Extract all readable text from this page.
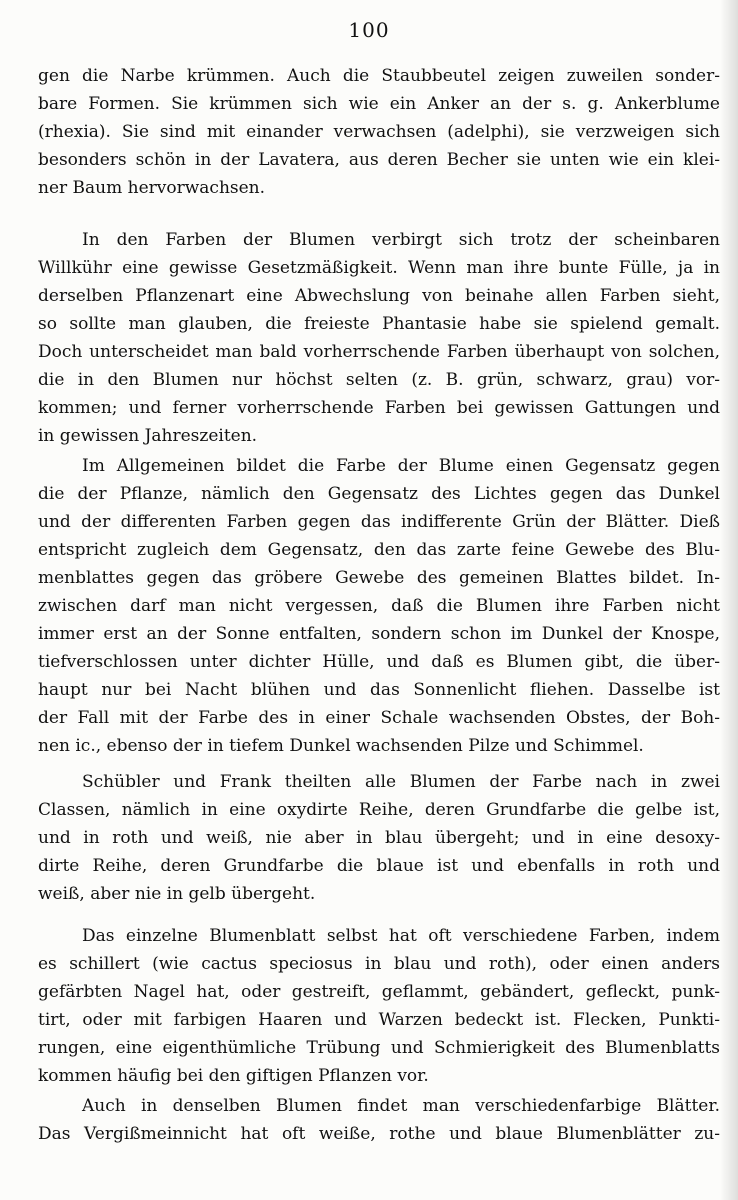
100
gen die Narbe krümmen. Auch die Staubbeutel zeigen zuweilen sonder-
bare Formen. Sie krümmen sich wie ein Anker an der s. g. Ankerblume
(rhexia). Sie sind mit einander verwachsen (adelphi), sie verzweigen sich
besonders schön in der Lavatera, aus deren Becher sie unten wie ein klei-
ner Baum hervorwachsen.
In den Farben der Blumen verbirgt sich trotz der scheinbaren
Willkühr eine gewisse Gesetzmäßigkeit. Wenn man ihre bunte Fülle, ja in
derselben Pflanzenart eine Abwechslung von beinahe allen Farben sieht,
so sollte man glauben, die freieste Phantasie habe sie spielend gemalt.
Doch unterscheidet man bald vorherrschende Farben überhaupt von solchen,
die in den Blumen nur höchst selten (z. B. grün, schwarz, grau) vor-
kommen; und ferner vorherrschende Farben bei gewissen Gattungen und
in gewissen Jahreszeiten.
Im Allgemeinen bildet die Farbe der Blume einen Gegensatz gegen
die der Pflanze, nämlich den Gegensatz des Lichtes gegen das Dunkel
und der differenten Farben gegen das indifferente Grün der Blätter. Dieß
entspricht zugleich dem Gegensatz, den das zarte feine Gewebe des Blu-
menblattes gegen das gröbere Gewebe des gemeinen Blattes bildet. In-
zwischen darf man nicht vergessen, daß die Blumen ihre Farben nicht
immer erst an der Sonne entfalten, sondern schon im Dunkel der Knospe,
tiefverschlossen unter dichter Hülle, und daß es Blumen gibt, die über-
haupt nur bei Nacht blühen und das Sonnenlicht fliehen. Dasselbe ist
der Fall mit der Farbe des in einer Schale wachsenden Obstes, der Boh-
nen ic., ebenso der in tiefem Dunkel wachsenden Pilze und Schimmel.
Schübler und Frank theilten alle Blumen der Farbe nach in zwei
Classen, nämlich in eine oxydirte Reihe, deren Grundfarbe die gelbe ist,
und in roth und weiß, nie aber in blau übergeht; und in eine desoxy-
dirte Reihe, deren Grundfarbe die blaue ist und ebenfalls in roth und
weiß, aber nie in gelb übergeht.
Das einzelne Blumenblatt selbst hat oft verschiedene Farben, indem
es schillert (wie cactus speciosus in blau und roth), oder einen anders
gefärbten Nagel hat, oder gestreift, geflammt, gebändert, gefleckt, punk-
tirt, oder mit farbigen Haaren und Warzen bedeckt ist. Flecken, Punkti-
rungen, eine eigenthümliche Trübung und Schmierigkeit des Blumenblatts
kommen häufig bei den giftigen Pflanzen vor.
Auch in denselben Blumen findet man verschiedenfarbige Blätter.
Das Vergißmeinnicht hat oft weiße, rothe und blaue Blumenblätter zu-
